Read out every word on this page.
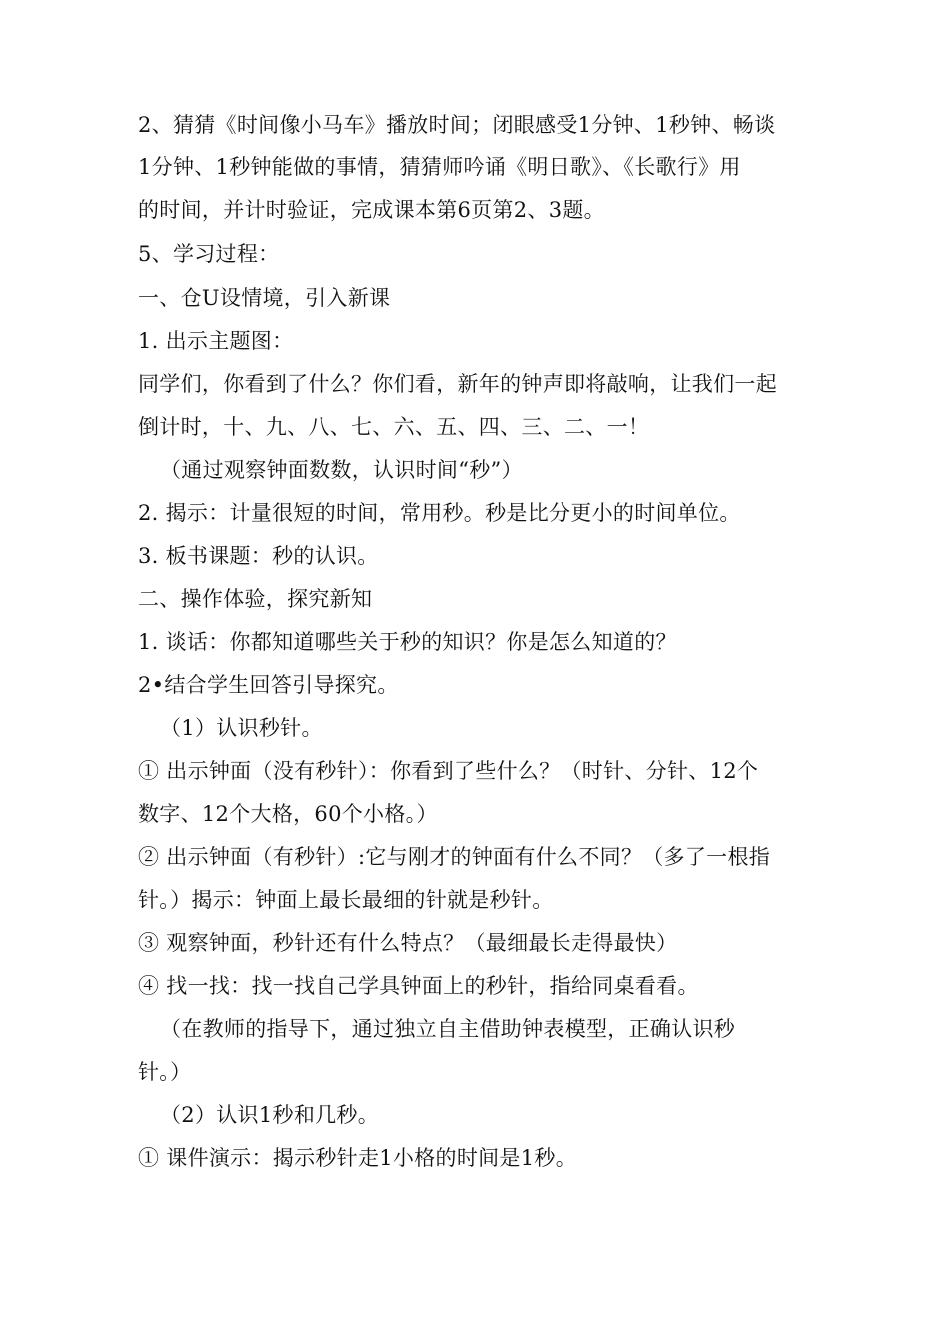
2、猜猜《时间像小马车》播放时间；闭眼感受1分钟、1秒钟、畅谈
1分钟、1秒钟能做的事情，猜猜师吟诵《明日歌》、《长歌行》用
的时间，并计时验证，完成课本第6页第2、3题。
5、学习过程：
一、仓U设情境，引入新课
1. 出示主题图：
同学们，你看到了什么？你们看，新年的钟声即将敲响，让我们一起
倒计时，十、九、八、七、六、五、四、三、二、一！
（通过观察钟面数数，认识时间“秒”）
2. 揭示：计量很短的时间，常用秒。秒是比分更小的时间单位。
3. 板书课题：秒的认识。
二、操作体验，探究新知
1. 谈话：你都知道哪些关于秒的知识？你是怎么知道的？
2•结合学生回答引导探究。
（1）认识秒针。
① 出示钟面（没有秒针）：你看到了些什么？（时针、分针、12个
数字、12个大格，60个小格。）
② 出示钟面（有秒针）:它与刚才的钟面有什么不同？（多了一根指
针。）揭示：钟面上最长最细的针就是秒针。
③ 观察钟面，秒针还有什么特点？（最细最长走得最快）
④ 找一找：找一找自己学具钟面上的秒针，指给同桌看看。
（在教师的指导下，通过独立自主借助钟表模型，正确认识秒
针。）
（2）认识1秒和几秒。
① 课件演示：揭示秒针走1小格的时间是1秒。
